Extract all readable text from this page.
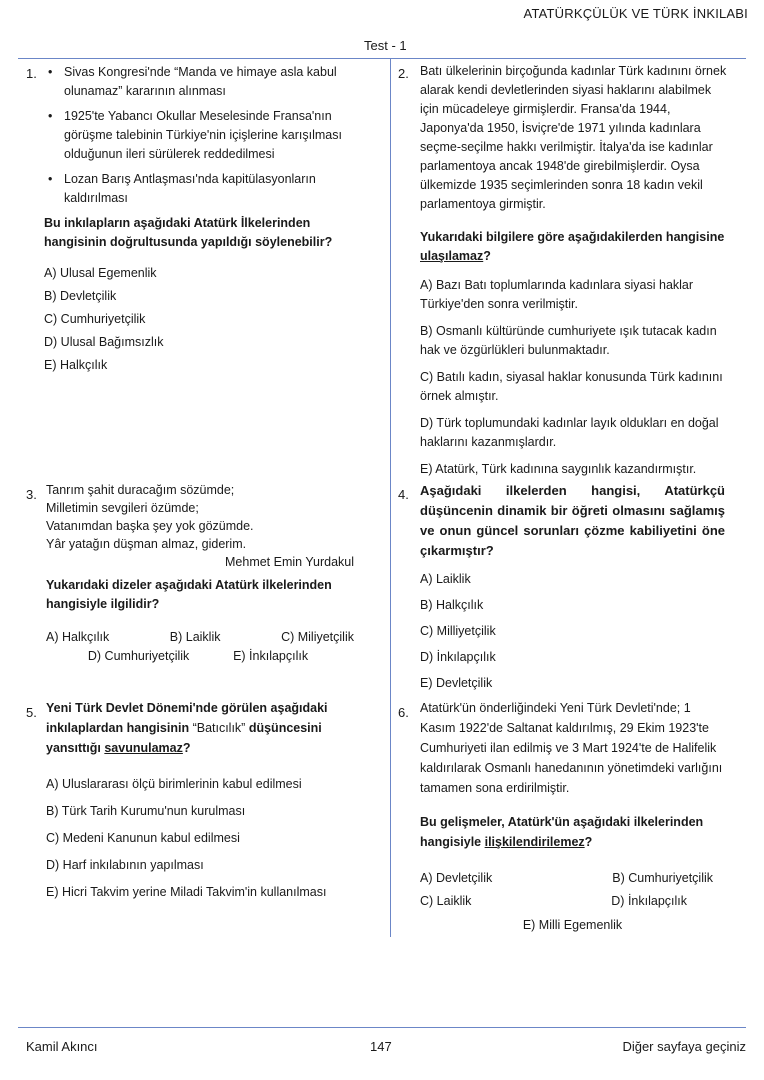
ATATÜRKÇÜLÜK VE TÜRK İNKILABI
Test - 1
1.
•	Sivas Kongresi'nde “Manda ve himaye asla kabul olunamaz” kararının alınması
• 1925'te Yabancı Okullar Meselesinde Fransa'nın görüşme talebinin Türkiye'nin içişlerine karışılması olduğunun ileri sürülerek reddedilmesi
• Lozan Barış Antlaşması'nda kapitülasyonların kaldırılması
Bu inkılapların aşağıdaki Atatürk İlkelerinden hangisinin doğrultusunda yapıldığı söylenebilir?
A) Ulusal Egemenlik
B) Devletçilik
C) Cumhuriyetçilik
D) Ulusal Bağımsızlık
E) Halkçılık
2. Batı ülkelerinin birçoğunda kadınlar Türk kadınını örnek alarak kendi devletlerinden siyasi haklarını alabilmek için mücadeleye girmişlerdir. Fransa'da 1944, Japonya'da 1950, İsviçre'de 1971 yılında kadınlara seçme-seçilme hakkı verilmiştir. İtalya'da ise kadınlar parlamentoya ancak 1948'de girebilmişlerdir. Oysa ülkemizde 1935 seçimlerinden sonra 18 kadın vekil parlamentoya girmiştir.
Yukarıdaki bilgilere göre aşağıdakilerden hangisine ulaşılamaz?
A) Bazı Batı toplumlarında kadınlara siyasi haklar Türkiye'den sonra verilmiştir.
B) Osmanlı kültüründe cumhuriyete ışık tutacak kadın hak ve özgürlükleri bulunmaktadır.
C) Batılı kadın, siyasal haklar konusunda Türk kadınını örnek almıştır.
D) Türk toplumundaki kadınlar layık oldukları en doğal haklarını kazanmışlardır.
E) Atatürk, Türk kadınına saygınlık kazandırmıştır.
3. Tanrım şahit duracağım sözümde;
Milletimin sevgileri özümde;
Vatanımdan başka şey yok gözümde.
Yâr yatağın düşman almaz, giderim.
Mehmet Emin Yurdakul
Yukarıdaki dizeler aşağıdaki Atatürk ilkelerinden hangisiyle ilgilidir?
A) Halkçılık	B) Laiklik	C) Miliyetçilik
D) Cumhuriyetçilik	E) İnkılapçılık
4. Aşağıdaki ilkelerden hangisi, Atatürkçü düşüncenin dinamik bir öğreti olmasını sağlamış ve onun güncel sorunları çözme kabiliyetini öne çıkarmıştır?
A) Laiklik
B) Halkçılık
C) Milliyetçilik
D) İnkılapçılık
E) Devletçilik
5. Yeni Türk Devlet Dönemi'nde görülen aşağıdaki inkılaplardan hangisinin “Batıcılık” düşüncesini yansıttığı savunulamaz?
A) Uluslararası ölçü birimlerinin kabul edilmesi
B) Türk Tarih Kurumu'nun kurulması
C) Medeni Kanunun kabul edilmesi
D) Harf inkılabının yapılması
E) Hicri Takvim yerine Miladi Takvim'in kullanılması
6. Atatürk'ün önderliğindeki Yeni Türk Devleti'nde; 1 Kasım 1922'de Saltanat kaldırılmış, 29 Ekim 1923'te Cumhuriyeti ilan edilmiş ve 3 Mart 1924'te de Halifelik kaldırılarak Osmanlı hanedanının yönetimdeki varlığını tamamen sona erdirilmiştir.
Bu gelişmeler, Atatürk'ün aşağıdaki ilkelerinden hangisiyle ilişkilendirilemez?
A) Devletçilik	B) Cumhuriyetçilik
C) Laiklik	D) İnkılapçılık
E) Milli Egemenlik
Kamil Akıncı	147	Diğer sayfaya geçiniz
